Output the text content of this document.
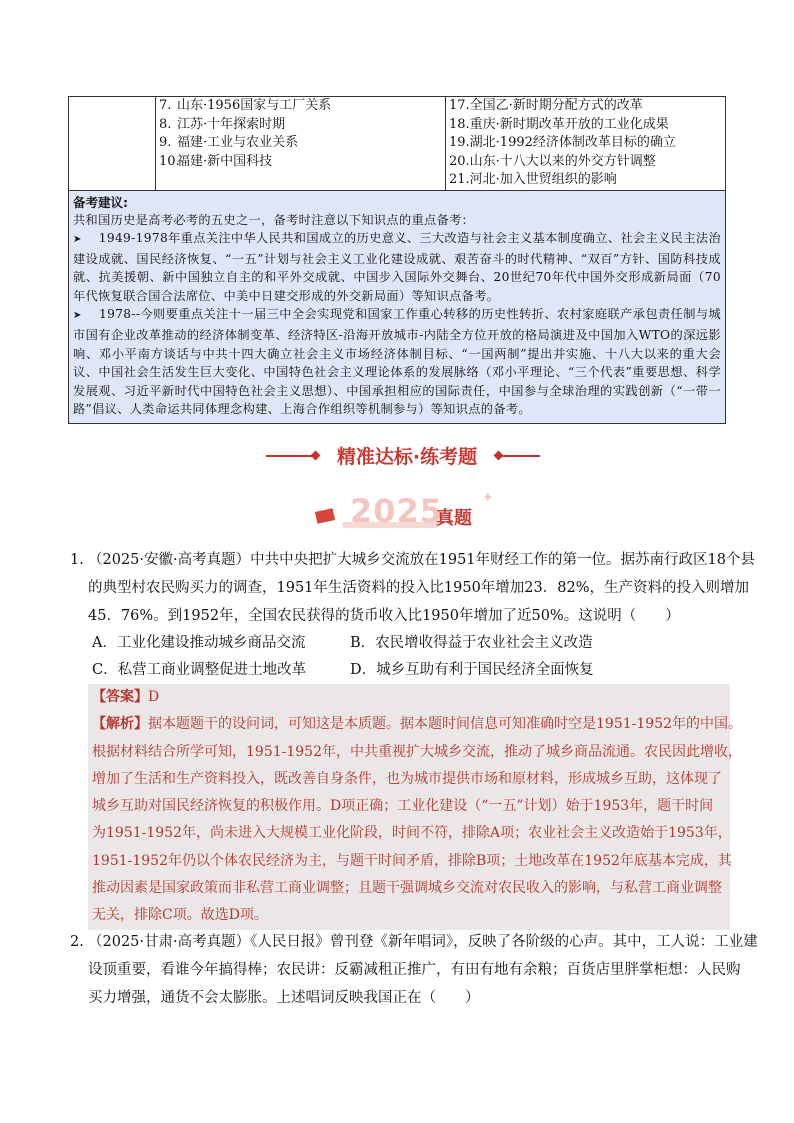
7. 山东·1956国家与工厂关系
8. 江苏·十年探索时期
9. 福建·工业与农业关系
10.福建·新中国科技

17.全国乙·新时期分配方式的改革
18.重庆·新时期改革开放的工业化成果
19.湖北·1992经济体制改革目标的确立
20.山东·十八大以来的外交方针调整
21.河北·加入世贸组织的影响

备考建议:
共和国历史是高考必考的五史之一，备考时注意以下知识点的重点备考：
➤ 1949-1978年重点关注中华人民共和国成立的历史意义、三大改造与社会主义基本制度确立、社会主义民主法治建设成就、国民经济恢复、“一五”计划与社会主义工业化建设成就、艰苦奋斗的时代精神、“双百”方针、国防科技成就、抗美援朝、新中国独立自主的和平外交成就、中国步入国际外交舞台、20世纪70年代中国外交形成新局面（70年代恢复联合国合法席位、中美中日建交形成的外交新局面）等知识点备考。
➤ 1978--今则要重点关注十一届三中全会实现党和国家工作重心转移的历史性转折、农村家庭联产承包责任制与城市国有企业改革推动的经济体制变革、经济特区-沿海开放城市-内陆全方位开放的格局演进及中国加入WTO的深远影响、邓小平南方谈话与中共十四大确立社会主义市场经济体制目标、“一国两制”提出并实施、十八大以来的重大会议、中国社会生活发生巨大变化、中国特色社会主义理论体系的发展脉络（邓小平理论、“三个代表”重要思想、科学发展观、习近平新时代中国特色社会主义思想）、中国承担相应的国际责任，中国参与全球治理的实践创新（“一带一路”倡议、人类命运共同体理念构建、上海合作组织等机制参与）等知识点的备考。
精准达标·练考题
2025
真题
✦
1. （2025·安徽·高考真题）中共中央把扩大城乡交流放在1951年财经工作的第一位。据苏南行政区18个县
的典型村农民购买力的调查，1951年生活资料的投入比1950年增加23．82%，生产资料的投入则增加
45．76%。到1952年，全国农民获得的货币收入比1950年增加了近50%。这说明（　　）
A．工业化建设推动城乡商品交流	B．农民增收得益于农业社会主义改造
C．私营工商业调整促进土地改革	D．城乡互助有利于国民经济全面恢复
【答案】D
【解析】据本题题干的设问词，可知这是本质题。据本题时间信息可知准确时空是1951-1952年的中国。
根据材料结合所学可知，1951-1952年，中共重视扩大城乡交流，推动了城乡商品流通。农民因此增收，
增加了生活和生产资料投入，既改善自身条件，也为城市提供市场和原材料，形成城乡互助，这体现了
城乡互助对国民经济恢复的积极作用。D项正确；工业化建设（“一五”计划）始于1953年，题干时间
为1951-1952年，尚未进入大规模工业化阶段，时间不符，排除A项；农业社会主义改造始于1953年，
1951-1952年仍以个体农民经济为主，与题干时间矛盾，排除B项；土地改革在1952年底基本完成，其
推动因素是国家政策而非私营工商业调整；且题干强调城乡交流对农民收入的影响，与私营工商业调整
无关，排除C项。故选D项。
2. （2025·甘肃·高考真题）《人民日报》曾刊登《新年唱词》，反映了各阶级的心声。其中，工人说：工业建
设顶重要，看谁今年搞得棒；农民讲：反霸减租正推广，有田有地有余粮；百货店里胖掌柜想：人民购
买力增强，通货不会太膨胀。上述唱词反映我国正在（　　）
